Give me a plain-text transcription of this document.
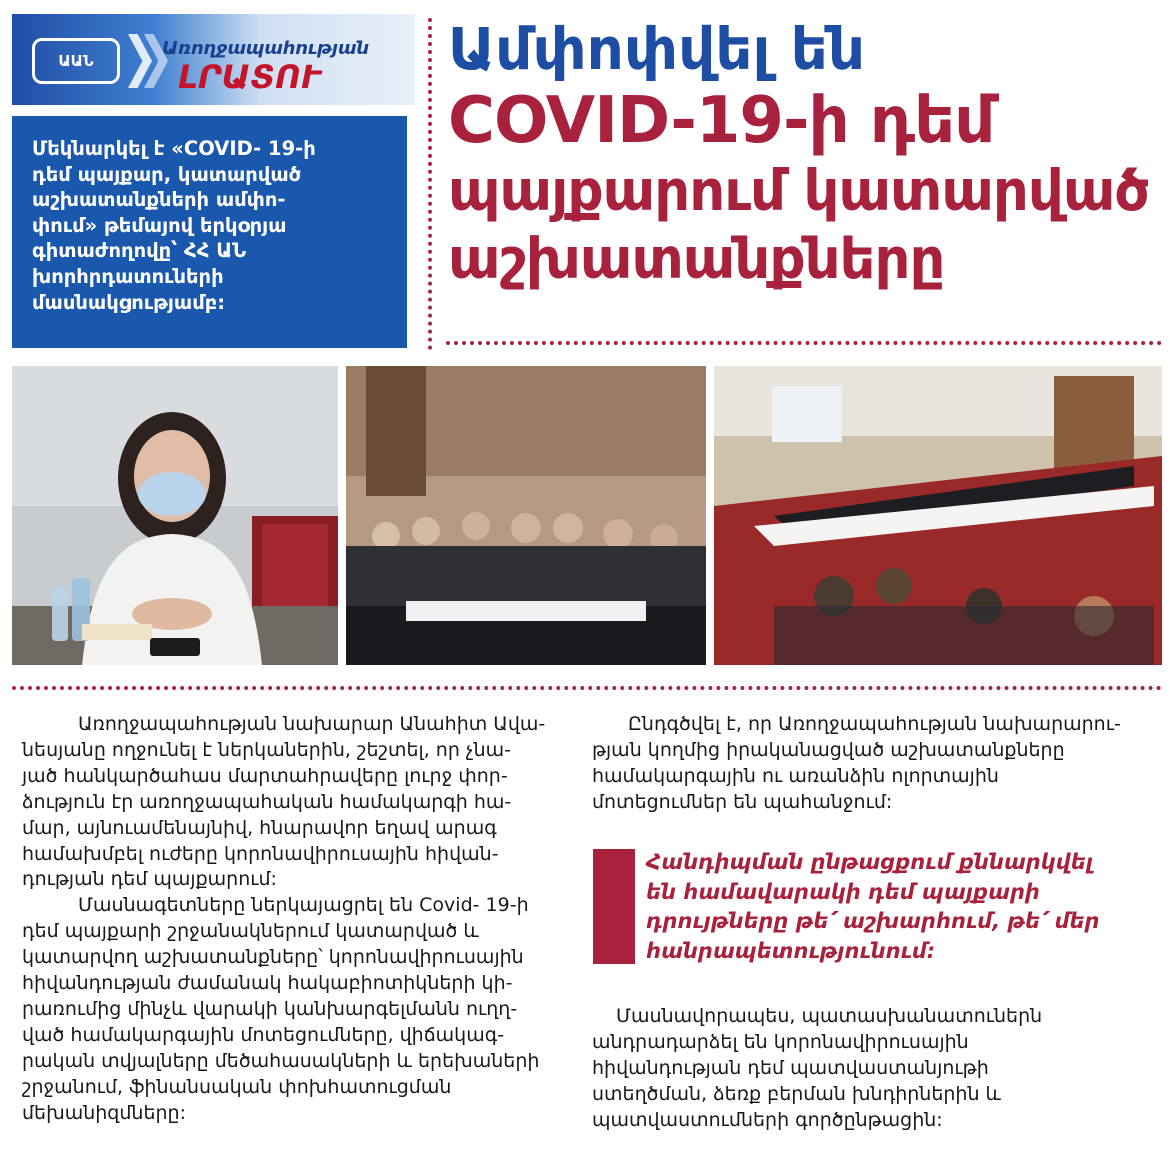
ԱԱՆ
Առողջապահության
ԼՐԱՏՈՒ
Մեկնարկել է «COVID- 19-ի
դեմ պայքար, կատարված
աշխատանքների ամփո-
փում» թեմայով երկօրյա
գիտաժողովը՝ ՀՀ ԱՆ
խորհրդատուների
մասնակցությամբ:
Ամփոփվել են
COVID-19-ի դեմ
պայքարում կատարված
աշխատանքները
Առողջապահության նախարար Անահիտ Ավա-
նեսյանը ողջունել է ներկաներին, շեշտել, որ չնա-
յած հանկարծահաս մարտահրավերը լուրջ փոր-
ձություն էր առողջապահական համակարգի հա-
մար, այնուամենայնիվ, հնարավոր եղավ արագ
համախմբել ուժերը կորոնավիրուսային հիվան-
դության դեմ պայքարում:
Մասնագետները ներկայացրել են Covid- 19-ի
դեմ պայքարի շրջանակներում կատարված և
կատարվող աշխատանքները՝ կորոնավիրուսային
հիվանդության ժամանակ հակաբիոտիկների կի-
րառումից մինչև վարակի կանխարգելմանն ուղղ-
ված համակարգային մոտեցումները, վիճակագ-
րական տվյալները մեծահասակների և երեխաների
շրջանում, ֆինանսական փոխհատուցման
մեխանիզմները:
Ընդգծվել է, որ Առողջապահության նախարարու-
թյան կողմից իրականացված աշխատանքները
համակարգային ու առանձին ոլորտային
մոտեցումներ են պահանջում:
Հանդիպման ընթացքում քննարկվել
են համավարակի դեմ պայքարի
դրույթները թե՛ աշխարհում, թե՛ մեր
հանրապետությունում:
Մասնավորապես, պատասխանատուներն
անդրադարձել են կորոնավիրուսային
հիվանդության դեմ պատվաստանյութի
ստեղծման, ձեռք բերման խնդիրներին և
պատվաստումների գործընթացին:
